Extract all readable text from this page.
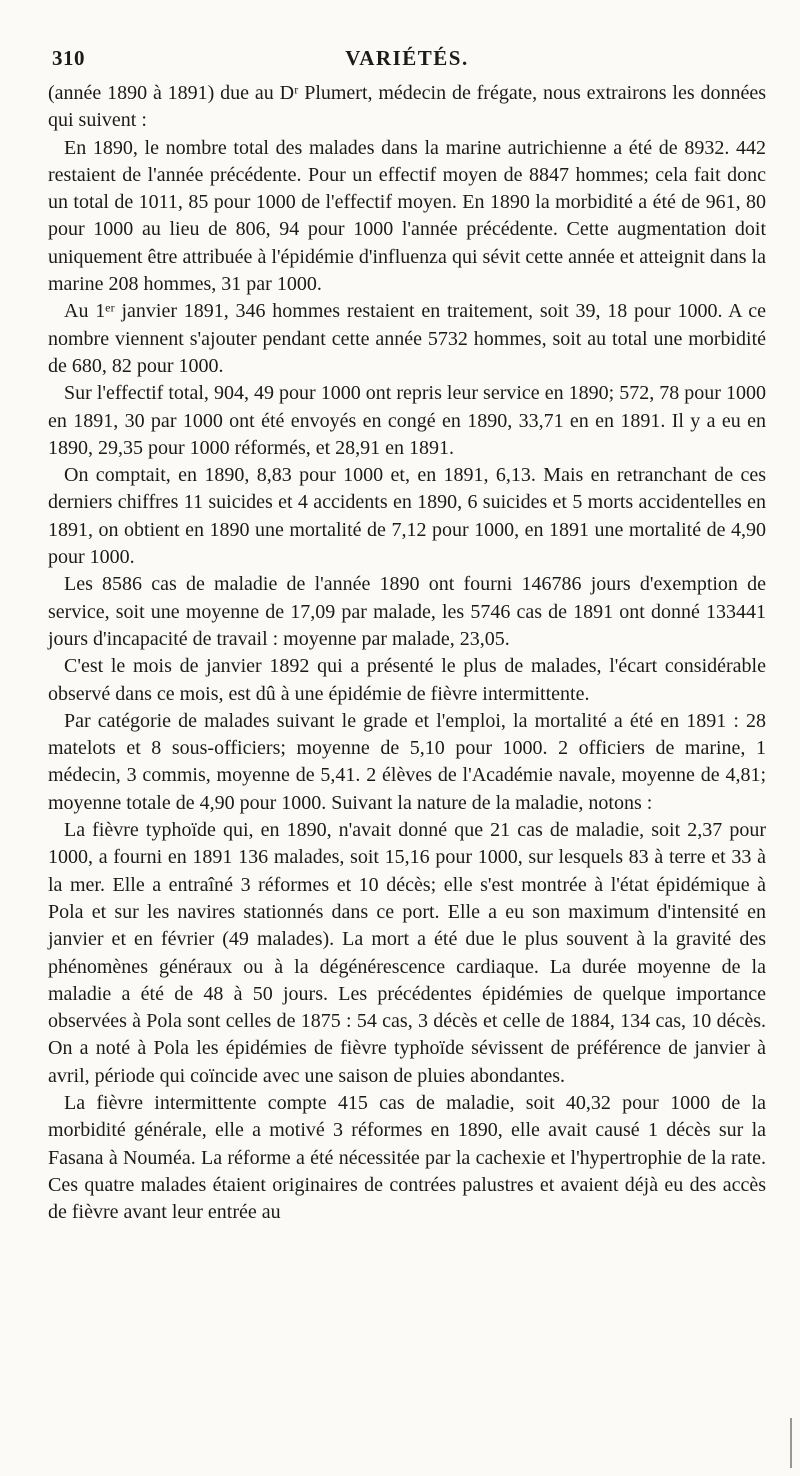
310	VARIÉTÉS.

(année 1890 à 1891) due au Dʳ Plumert, médecin de frégate, nous extrairons les données qui suivent :

En 1890, le nombre total des malades dans la marine autrichienne a été de 8932. 442 restaient de l'année précédente. Pour un effectif moyen de 8847 hommes; cela fait donc un total de 1011, 85 pour 1000 de l'effectif moyen. En 1890 la morbidité a été de 961, 80 pour 1000 au lieu de 806, 94 pour 1000 l'année précédente. Cette augmentation doit uniquement être attribuée à l'épidémie d'influenza qui sévit cette année et atteignit dans la marine 208 hommes, 31 par 1000.

Au 1ᵉʳ janvier 1891, 346 hommes restaient en traitement, soit 39, 18 pour 1000. A ce nombre viennent s'ajouter pendant cette année 5732 hommes, soit au total une morbidité de 680, 82 pour 1000.

Sur l'effectif total, 904, 49 pour 1000 ont repris leur service en 1890; 572, 78 pour 1000 en 1891, 30 par 1000 ont été envoyés en congé en 1890, 33,71 en en 1891. Il y a eu en 1890, 29,35 pour 1000 réformés, et 28,91 en 1891.

On comptait, en 1890, 8,83 pour 1000 et, en 1891, 6,13. Mais en retranchant de ces derniers chiffres 11 suicides et 4 accidents en 1890, 6 suicides et 5 morts accidentelles en 1891, on obtient en 1890 une mortalité de 7,12 pour 1000, en 1891 une mortalité de 4,90 pour 1000.

Les 8586 cas de maladie de l'année 1890 ont fourni 146786 jours d'exemption de service, soit une moyenne de 17,09 par malade, les 5746 cas de 1891 ont donné 133441 jours d'incapacité de travail : moyenne par malade, 23,05.

C'est le mois de janvier 1892 qui a présenté le plus de malades, l'écart considérable observé dans ce mois, est dû à une épidémie de fièvre intermittente.

Par catégorie de malades suivant le grade et l'emploi, la mortalité a été en 1891 : 28 matelots et 8 sous-officiers; moyenne de 5,10 pour 1000. 2 officiers de marine, 1 médecin, 3 commis, moyenne de 5,41. 2 élèves de l'Académie navale, moyenne de 4,81; moyenne totale de 4,90 pour 1000. Suivant la nature de la maladie, notons :

La fièvre typhoïde qui, en 1890, n'avait donné que 21 cas de maladie, soit 2,37 pour 1000, a fourni en 1891 136 malades, soit 15,16 pour 1000, sur lesquels 83 à terre et 33 à la mer. Elle a entraîné 3 réformes et 10 décès; elle s'est montrée à l'état épidémique à Pola et sur les navires stationnés dans ce port. Elle a eu son maximum d'intensité en janvier et en février (49 malades). La mort a été due le plus souvent à la gravité des phénomènes généraux ou à la dégénérescence cardiaque. La durée moyenne de la maladie a été de 48 à 50 jours. Les précédentes épidémies de quelque importance observées à Pola sont celles de 1875 : 54 cas, 3 décès et celle de 1884, 134 cas, 10 décès. On a noté à Pola les épidémies de fièvre typhoïde sévissent de préférence de janvier à avril, période qui coïncide avec une saison de pluies abondantes.

La fièvre intermittente compte 415 cas de maladie, soit 40,32 pour 1000 de la morbidité générale, elle a motivé 3 réformes en 1890, elle avait causé 1 décès sur la Fasana à Nouméa. La réforme a été nécessitée par la cachexie et l'hypertrophie de la rate. Ces quatre malades étaient originaires de contrées palustres et avaient déjà eu des accès de fièvre avant leur entrée au
